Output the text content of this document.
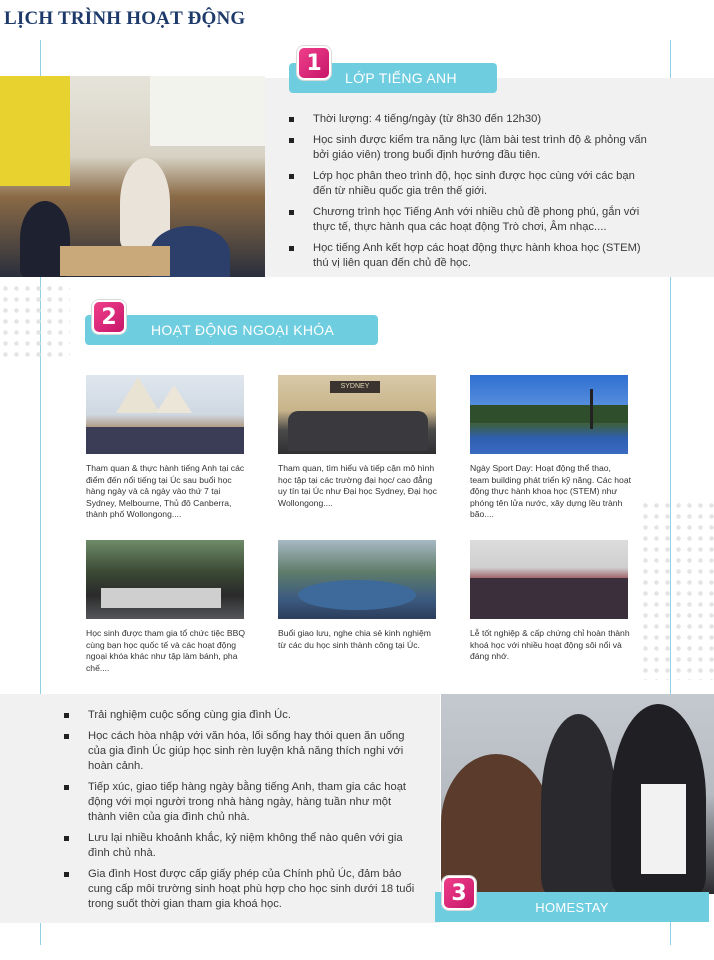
LỊCH TRÌNH HOẠT ĐỘNG
LỚP TIẾNG ANH
1
Thời lượng: 4 tiếng/ngày (từ 8h30 đến 12h30)
Học sinh được kiểm tra năng lực (làm bài test trình độ & phỏng vấn bởi giáo viên) trong buổi định hướng đầu tiên.
Lớp học phân theo trình độ, học sinh được học cùng với các bạn đến từ nhiều quốc gia trên thế giới.
Chương trình học Tiếng Anh với nhiều chủ đề phong phú, gắn với thực tế, thực hành qua các hoạt động Trò chơi, Âm nhạc....
Học tiếng Anh kết hợp các hoạt động thực hành khoa học (STEM) thú vị liên quan đến chủ đề học.
HOẠT ĐỘNG NGOẠI KHÓA
2
SYDNEY
Tham quan & thực hành tiếng Anh tại các điểm đến nổi tiếng tại Úc sau buổi học hàng ngày và cả ngày vào thứ 7 tại Sydney, Melbourne, Thủ đô Canberra, thành phố Wollongong....
Tham quan, tìm hiểu và tiếp cận mô hình học tập tại các trường đại học/ cao đẳng uy tín tại Úc như Đại học Sydney, Đại học Wollongong....
Ngày Sport Day: Hoạt động thể thao, team building phát triển kỹ năng. Các hoạt động thực hành khoa học (STEM) như phóng tên lửa nước, xây dựng lều trành bão....
Học sinh được tham gia tổ chức tiệc BBQ cùng bạn học quốc tế và các hoạt động ngoại khóa khác như tập làm bánh, pha chế....
Buổi giao lưu, nghe chia sẻ kinh nghiệm từ các du học sinh thành công tại Úc.
Lễ tốt nghiệp & cấp chứng chỉ hoàn thành khoá học với nhiều hoạt động sôi nổi và đáng nhớ.
Trải nghiệm cuộc sống cùng gia đình Úc.
Học cách hòa nhập với văn hóa, lối sống hay thói quen ăn uống của gia đình Úc giúp học sinh rèn luyện khả năng thích nghi với hoàn cảnh.
Tiếp xúc, giao tiếp hàng ngày bằng tiếng Anh, tham gia các hoạt động với mọi người trong nhà hàng ngày, hàng tuần như một thành viên của gia đình chủ nhà.
Lưu lại nhiều khoảnh khắc, kỷ niệm không thể nào quên với gia đình chủ nhà.
Gia đình Host được cấp giấy phép của Chính phủ Úc, đảm bảo cung cấp môi trường sinh hoạt phù hợp cho học sinh dưới 18 tuổi trong suốt thời gian tham gia khoá học.	HOMESTAY
3
